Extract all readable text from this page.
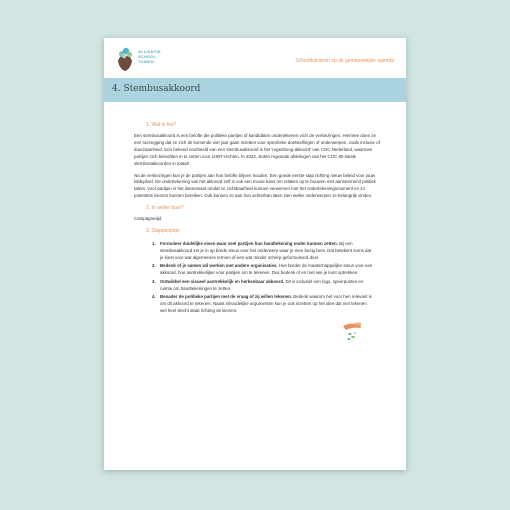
ALLIANTIE
SCHOOL
TUINEN	Schooltuinieren op de gemeentelijke agenda
4. Stembusakkoord
1. Wat is het?

Een stembusakkoord is een belofte die politieke partijen of kandidaten ondertekenen vóór de verkiezingen. Hiermee doen ze een toezegging dat ze zich de komende vier jaar gaan inzetten voor specifieke doelstellingen of onderwerpen, zoals inclusie of duurzaamheid. Een bekend voorbeeld van een stembusakkoord is het 'regenboog-akkoord' van COC Nederland, waarmee partijen zich beloofden in te zetten voor LHBT-rechten. In 2022, sloten regionale afdelingen van het COC 80 lokale stembusakkoorden in totaal!

Na de verkiezingen kun je de partijen aan hun belofte blijven houden. Een goede eerste stap richting nieuw beleid voor jouw lobbydoel. De ondertekening van het akkoord zelf is ook een mooie kans om relaties op te bouwen met aanstormend politiek talent. Voor partijen is het interessant omdat ze zichtbaarheid kunnen verwerven met het ondertekeningsmoment en zo potentiële kiezers kunnen bereiken. Ook kunnen ze aan hun achterban laten zien welke onderwerpen ze belangrijk vinden.

2. In welke fase?

Campagnetijd.

3. Stappenplan
1. Formuleer duidelijke eisen waar veel partijen hun handtekening onder kunnen zetten. Bij een stembusakkoord zet je in op brede steun voor het onderwerp waar je mee bezig bent. Dat betekent soms dat je kiest voor wat algemenere termen of een wat minder scherp geformuleerd doel.
2. Bedenk of je samen wil werken met andere organisaties. Hoe breder de maatschappelijke steun voor een akkoord, hoe aantrekkelijker voor partijen om te tekenen. Dus bedenk of en met wie je kunt optrekken.
3. Ontwikkel een visueel aantrekkelijk en herkenbaar akkoord. Dit is inclusief een logo, speerpunten en ruimte om handtekeningen te zetten.
4. Benader de politieke partijen met de vraag of zij willen tekenen. Bedenk waarom het voor hen relevant is om dit akkoord te tekenen. Naast inhoudelijke argumenten kun je ook inzetten op het idee dat niet tekenen wel heel slecht staat richting de kiezers.
